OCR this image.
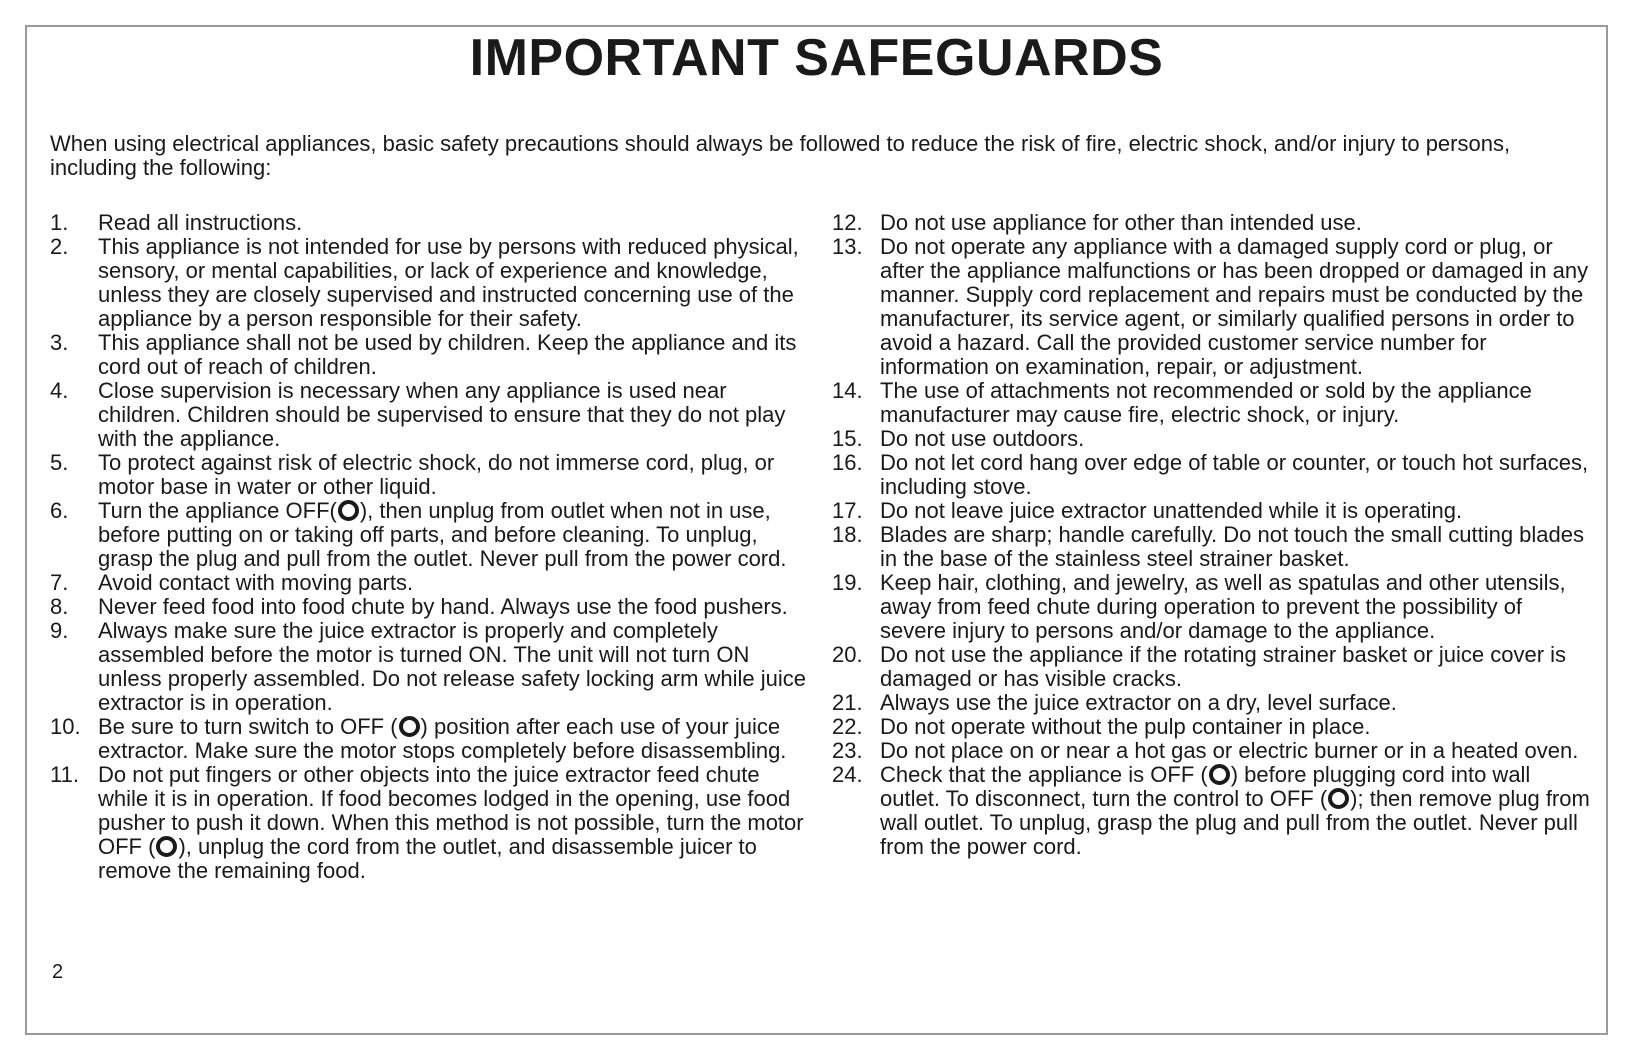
IMPORTANT SAFEGUARDS

When using electrical appliances, basic safety precautions should always be followed to reduce the risk of fire, electric shock, and/or injury to persons, including the following:

1.	Read all instructions.
2.	This appliance is not intended for use by persons with reduced physical, sensory, or mental capabilities, or lack of experience and knowledge, unless they are closely supervised and instructed concerning use of the appliance by a person responsible for their safety.
3.	This appliance shall not be used by children. Keep the appliance and its cord out of reach of children.
4.	Close supervision is necessary when any appliance is used near children. Children should be supervised to ensure that they do not play with the appliance.
5.	To protect against risk of electric shock, do not immerse cord, plug, or motor base in water or other liquid.
6.	Turn the appliance OFF( ), then unplug from outlet when not in use, before putting on or taking off parts, and before cleaning. To unplug, grasp the plug and pull from the outlet. Never pull from the power cord.
7.	Avoid contact with moving parts.
8.	Never feed food into food chute by hand. Always use the food pushers.
9.	Always make sure the juice extractor is properly and completely assembled before the motor is turned ON. The unit will not turn ON unless properly assembled. Do not release safety locking arm while juice extractor is in operation.
10. Be sure to turn switch to OFF ( ) position after each use of your juice extractor. Make sure the motor stops completely before disassembling.
11. Do not put fingers or other objects into the juice extractor feed chute while it is in operation. If food becomes lodged in the opening, use food pusher to push it down. When this method is not possible, turn the motor OFF ( ), unplug the cord from the outlet, and disassemble juicer to remove the remaining food.
12. Do not use appliance for other than intended use.
13. Do not operate any appliance with a damaged supply cord or plug, or after the appliance malfunctions or has been dropped or damaged in any manner. Supply cord replacement and repairs must be conducted by the manufacturer, its service agent, or similarly qualified persons in order to avoid a hazard. Call the provided customer service number for information on examination, repair, or adjustment.
14. The use of attachments not recommended or sold by the appliance manufacturer may cause fire, electric shock, or injury.
15. Do not use outdoors.
16. Do not let cord hang over edge of table or counter, or touch hot surfaces, including stove.
17. Do not leave juice extractor unattended while it is operating.
18. Blades are sharp; handle carefully. Do not touch the small cutting blades in the base of the stainless steel strainer basket.
19. Keep hair, clothing, and jewelry, as well as spatulas and other utensils, away from feed chute during operation to prevent the possibility of severe injury to persons and/or damage to the appliance.
20. Do not use the appliance if the rotating strainer basket or juice cover is damaged or has visible cracks.
21. Always use the juice extractor on a dry, level surface.
22. Do not operate without the pulp container in place.
23. Do not place on or near a hot gas or electric burner or in a heated oven.
24. Check that the appliance is OFF ( ) before plugging cord into wall outlet. To disconnect, turn the control to OFF ( ); then remove plug from wall outlet. To unplug, grasp the plug and pull from the outlet. Never pull from the power cord.
2
